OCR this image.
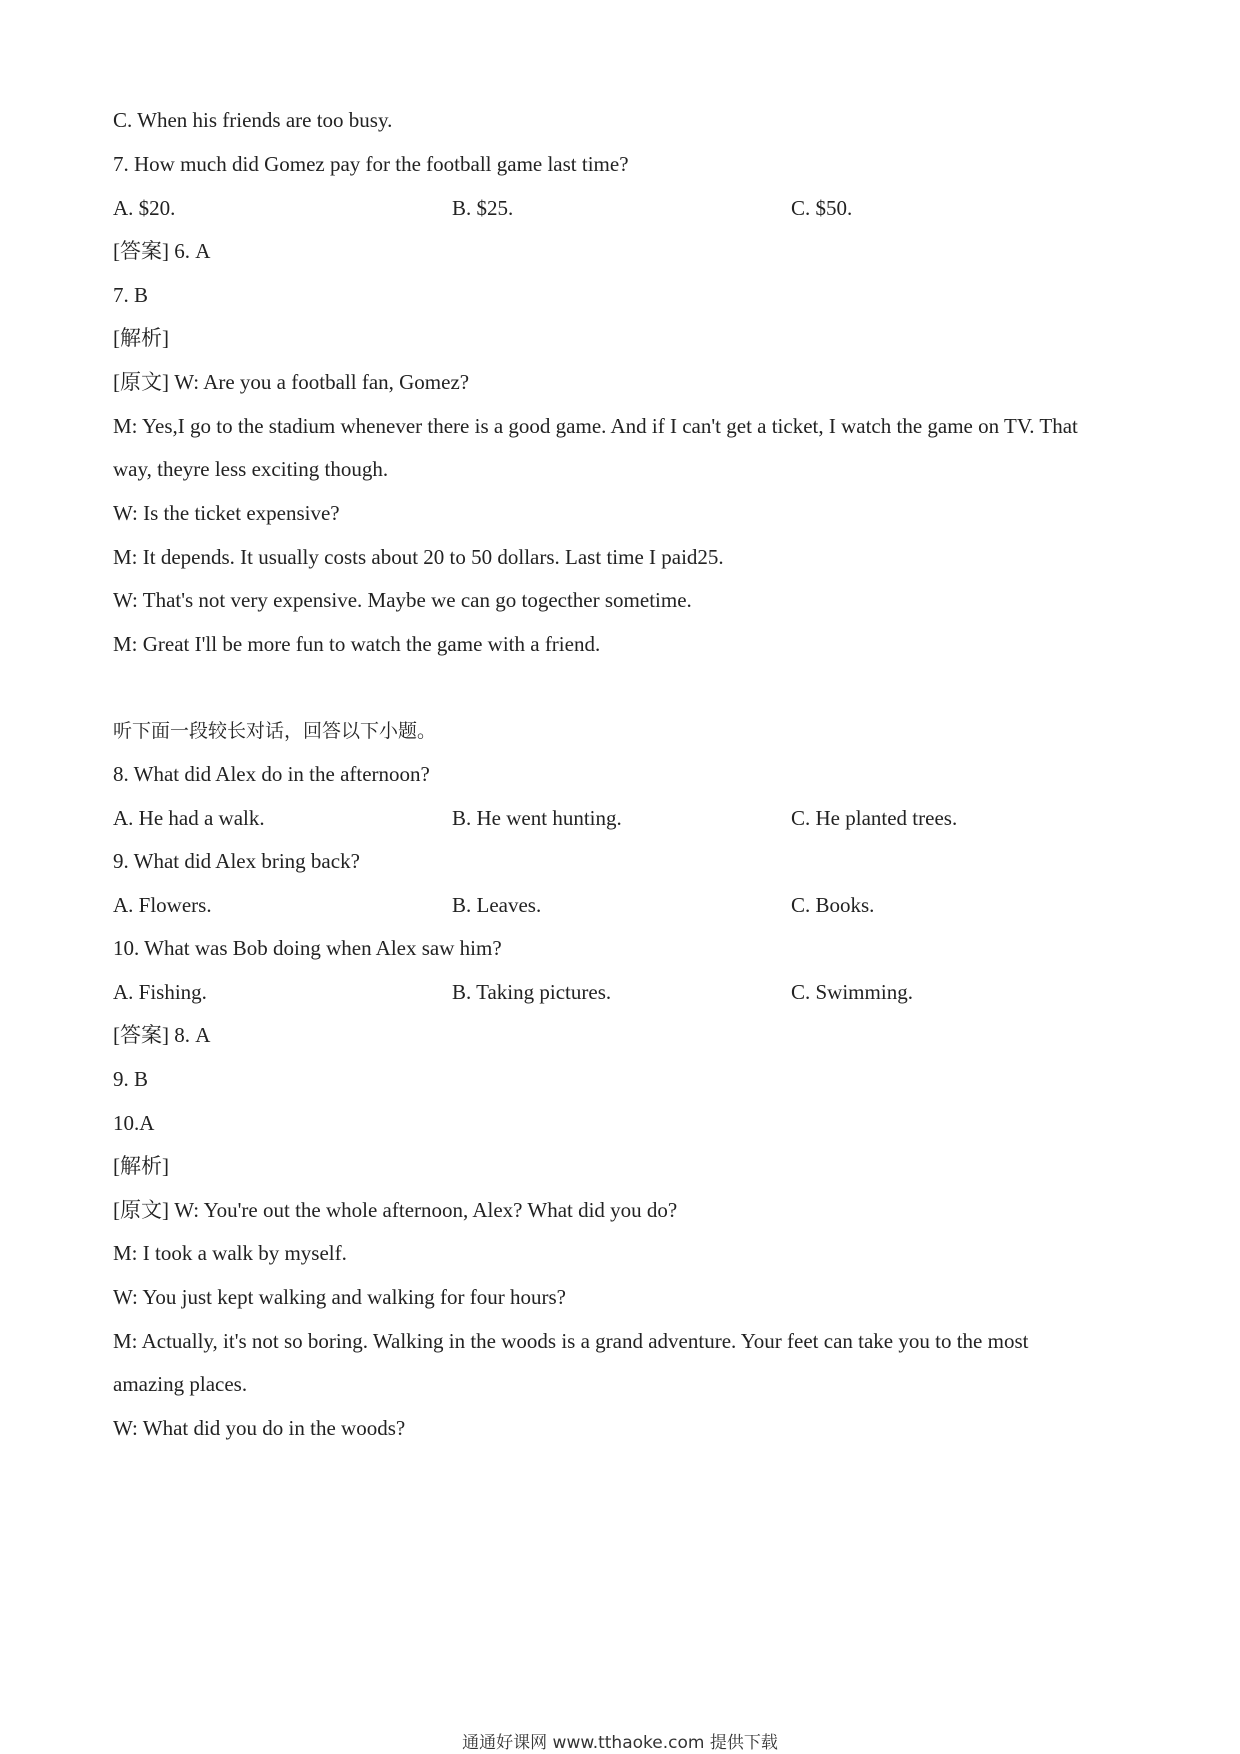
C. When his friends are too busy.
7. How much did Gomez pay for the football game last time?
A. $20.	B. $25.	C. $50.
[答案] 6. A
7. B
[解析]
[原文] W: Are you a football fan, Gomez?
M: Yes,I go to the stadium whenever there is a good game. And if I can't get a ticket, I watch the game on TV. That
way, theyre less exciting though.
W: Is the ticket expensive?
M: It depends. It usually costs about 20 to 50 dollars. Last time I paid25.
W: That's not very expensive. Maybe we can go togecther sometime.
M: Great I'll be more fun to watch the game with a friend.
听下面一段较长对话，回答以下小题。
8. What did Alex do in the afternoon?
A. He had a walk.	B. He went hunting.	C. He planted trees.
9. What did Alex bring back?
A. Flowers.	B. Leaves.	C. Books.
10. What was Bob doing when Alex saw him?
A. Fishing.	B. Taking pictures.	C. Swimming.
[答案] 8. A
9. B
10.A
[解析]
[原文] W: You're out the whole afternoon, Alex? What did you do?
M: I took a walk by myself.
W: You just kept walking and walking for four hours?
M: Actually, it's not so boring. Walking in the woods is a grand adventure. Your feet can take you to the most
amazing places.
W: What did you do in the woods?
通通好课网 www.tthaoke.com 提供下载
